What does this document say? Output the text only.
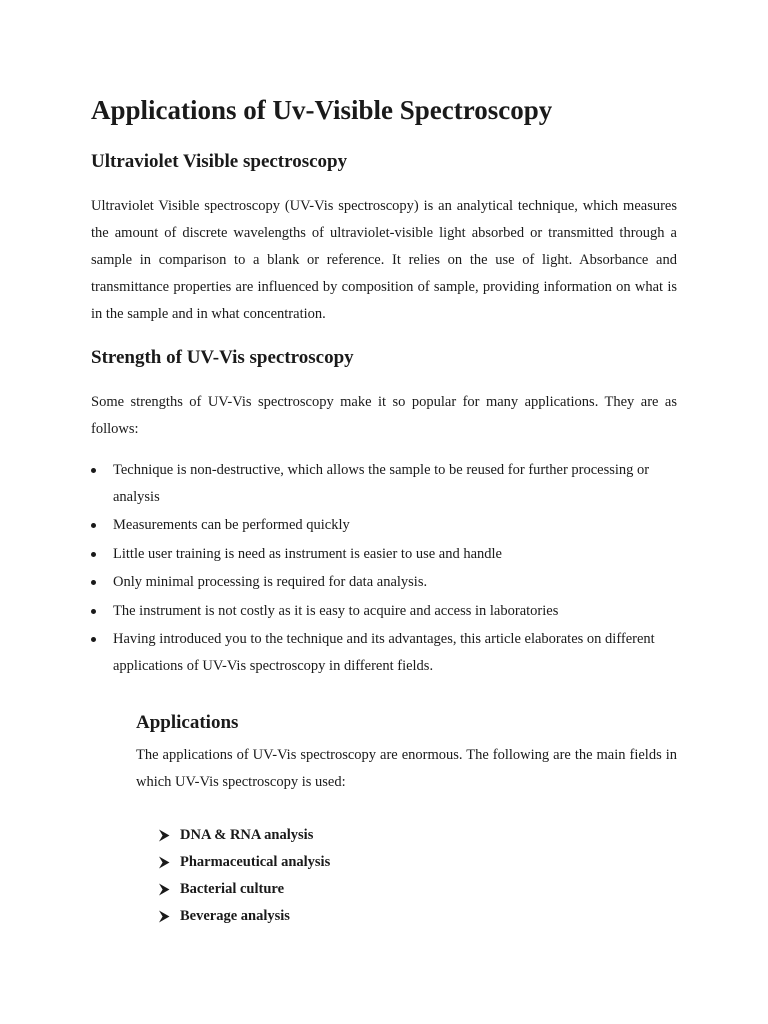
Applications of Uv-Visible Spectroscopy
Ultraviolet Visible spectroscopy

Ultraviolet Visible spectroscopy (UV-Vis spectroscopy) is an analytical technique, which measures the amount of discrete wavelengths of ultraviolet-visible light absorbed or transmitted through a sample in comparison to a blank or reference. It relies on the use of light. Absorbance and transmittance properties are influenced by composition of sample, providing information on what is in the sample and in what concentration.

Strength of UV-Vis spectroscopy

Some strengths of UV-Vis spectroscopy make it so popular for many applications. They are as follows:

Technique is non-destructive, which allows the sample to be reused for further processing or analysis
Measurements can be performed quickly
Little user training is need as instrument is easier to use and handle
Only minimal processing is required for data analysis.
The instrument is not costly as it is easy to acquire and access in laboratories
Having introduced you to the technique and its advantages, this article elaborates on different applications of UV-Vis spectroscopy in different fields.
Applications

The applications of UV-Vis spectroscopy are enormous. The following are the main fields in which UV-Vis spectroscopy is used:

DNA & RNA analysis
Pharmaceutical analysis
Bacterial culture
Beverage analysis
